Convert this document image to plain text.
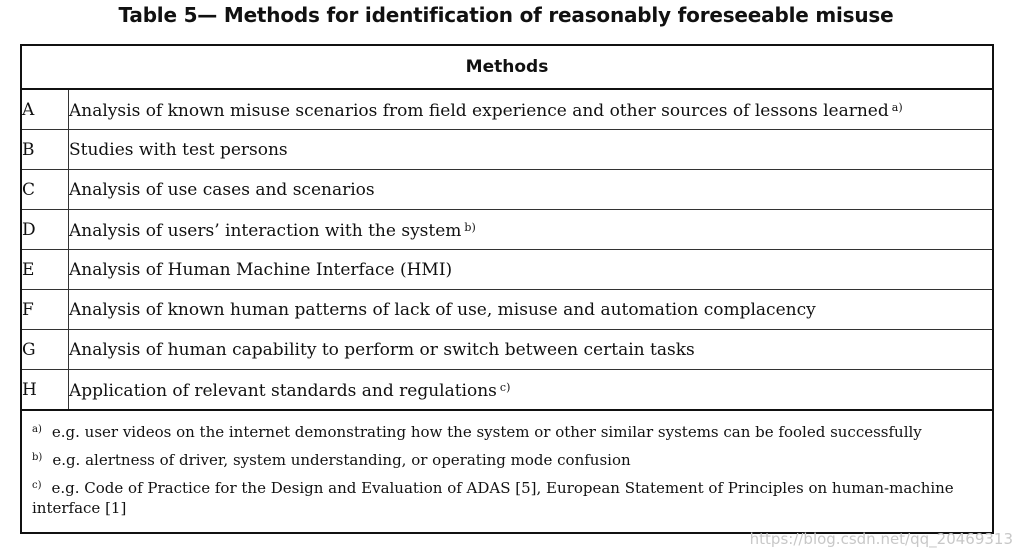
Table 5— Methods for identification of reasonably foreseeable misuse
Methods	
A	Analysis of known misuse scenarios from field experience and other sources of lessons learned $^{a)}$
B	Studies with test persons
C	Analysis of use cases and scenarios
D	Analysis of users’ interaction with the system $^{b)}$
E	Analysis of Human Machine Interface (HMI)
F	Analysis of known human patterns of lack of use, misuse and automation complacency
G	Analysis of human capability to perform or switch between certain tasks
H	Application of relevant standards and regulations $^{c)}$

$^{a)}$ e.g. user videos on the internet demonstrating how the system or other similar systems can be fooled successfully
$^{b)}$ e.g. alertness of driver, system understanding, or operating mode confusion
$^{c)}$ e.g. Code of Practice for the Design and Evaluation of ADAS [5], European Statement of Principles on human-machine interface [1]	
https://blog.csdn.net/qq_20469313
